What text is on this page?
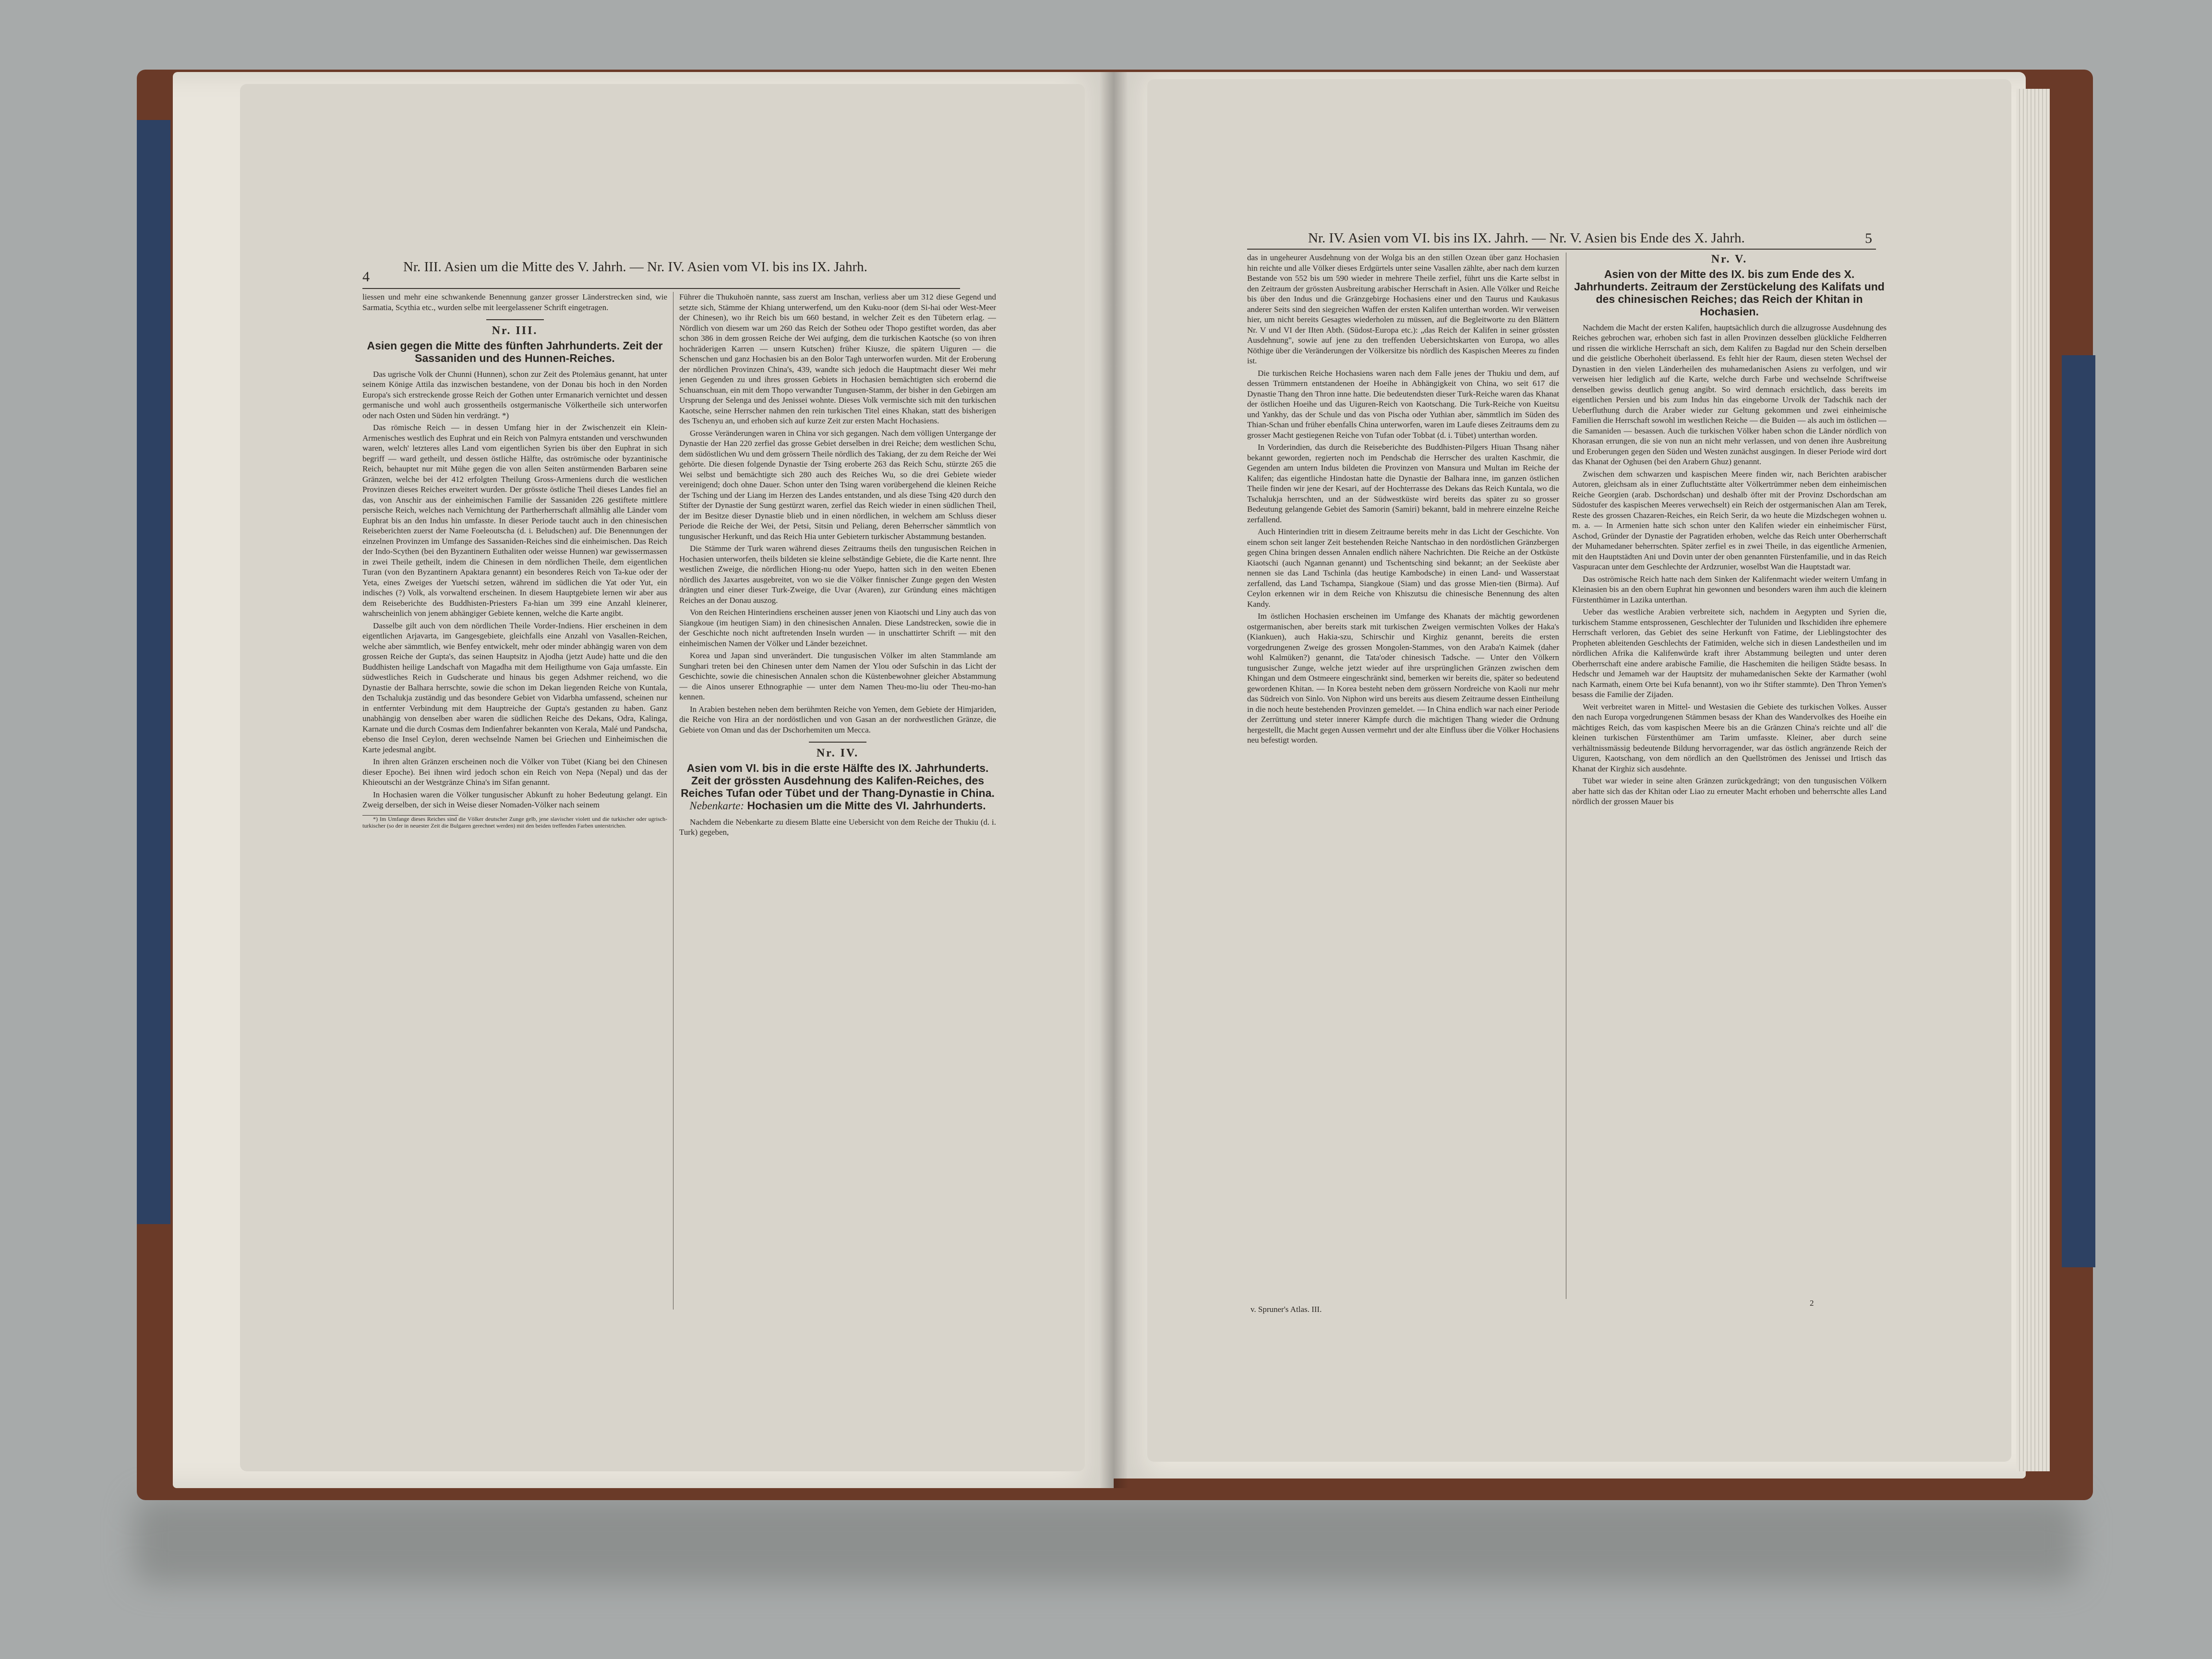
4
Nr. III. Asien um die Mitte des V. Jahrh. — Nr. IV. Asien vom VI. bis ins IX. Jahrh.

liessen und mehr eine schwankende Benennung ganzer grosser Länderstrecken sind, wie Sarmatia, Scythia etc., wurden selbe mit leergelassener Schrift eingetragen.

Nr. III.
Asien gegen die Mitte des fünften Jahrhunderts. Zeit der Sassaniden und des Hunnen-Reiches.

Das ugrische Volk der Chunni (Hunnen), schon zur Zeit des Ptolemäus genannt, hat unter seinem Könige Attila das inzwischen bestandene, von der Donau bis hoch in den Norden Europa's sich erstreckende grosse Reich der Gothen unter Ermanarich vernichtet und dessen germanische und wohl auch grossentheils ostgermanische Völkertheile sich unterworfen oder nach Osten und Süden hin verdrängt. *)

Das römische Reich — in dessen Umfang hier in der Zwischenzeit ein Klein-Armenisches westlich des Euphrat und ein Reich von Palmyra entstanden und verschwunden waren, welch' letzteres alles Land vom eigentlichen Syrien bis über den Euphrat in sich begriff — ward getheilt, und dessen östliche Hälfte, das oströmische oder byzantinische Reich, behauptet nur mit Mühe gegen die von allen Seiten anstürmenden Barbaren seine Gränzen, welche bei der 412 erfolgten Theilung Gross-Armeniens durch die westlichen Provinzen dieses Reiches erweitert wurden. Der grösste östliche Theil dieses Landes fiel an das, von Anschir aus der einheimischen Familie der Sassaniden 226 gestiftete mittlere persische Reich, welches nach Vernichtung der Partherherrschaft allmählig alle Länder vom Euphrat bis an den Indus hin umfasste. In dieser Periode taucht auch in den chinesischen Reiseberichten zuerst der Name Foeleoutscha (d. i. Beludschen) auf. Die Benennungen der einzelnen Provinzen im Umfange des Sassaniden-Reiches sind die einheimischen. Das Reich der Indo-Scythen (bei den Byzantinern Euthaliten oder weisse Hunnen) war gewissermassen in zwei Theile getheilt, indem die Chinesen in dem nördlichen Theile, dem eigentlichen Turan (von den Byzantinern Apaktara genannt) ein besonderes Reich von Ta-kue oder der Yeta, eines Zweiges der Yuetschi setzen, während im südlichen die Yat oder Yut, ein indisches (?) Volk, als vorwaltend erscheinen. In diesem Hauptgebiete lernen wir aber aus dem Reiseberichte des Buddhisten-Priesters Fa-hian um 399 eine Anzahl kleinerer, wahrscheinlich von jenem abhängiger Gebiete kennen, welche die Karte angibt.

Dasselbe gilt auch von dem nördlichen Theile Vorder-Indiens. Hier erscheinen in dem eigentlichen Arjavarta, im Gangesgebiete, gleichfalls eine Anzahl von Vasallen-Reichen, welche aber sämmtlich, wie Benfey entwickelt, mehr oder minder abhängig waren von dem grossen Reiche der Gupta's, das seinen Hauptsitz in Ajodha (jetzt Aude) hatte und die den Buddhisten heilige Landschaft von Magadha mit dem Heiligthume von Gaja umfasste. Ein südwestliches Reich in Gudscherate und hinaus bis gegen Adshmer reichend, wo die Dynastie der Balhara herrschte, sowie die schon im Dekan liegenden Reiche von Kuntala, den Tschalukja zuständig und das besondere Gebiet von Vidarbha umfassend, scheinen nur in entfernter Verbindung mit dem Hauptreiche der Gupta's gestanden zu haben. Ganz unabhängig von denselben aber waren die südlichen Reiche des Dekans, Odra, Kalinga, Karnate und die durch Cosmas dem Indienfahrer bekannten von Kerala, Malé und Pandscha, ebenso die Insel Ceylon, deren wechselnde Namen bei Griechen und Einheimischen die Karte jedesmal angibt.

In ihren alten Gränzen erscheinen noch die Völker von Tübet (Kiang bei den Chinesen dieser Epoche). Bei ihnen wird jedoch schon ein Reich von Nepa (Nepal) und das der Khieoutschi an der Westgränze China's im Sifan genannt.

In Hochasien waren die Völker tungusischer Abkunft zu hoher Bedeutung gelangt. Ein Zweig derselben, der sich in Weise dieser Nomaden-Völker nach seinem

*) Im Umfange dieses Reiches sind die Völker deutscher Zunge gelb, jene slavischer violett und die turkischer oder ugrisch-turkischer (so der in neuester Zeit die Bulgaren gerechnet werden) mit den beiden treffenden Farben unterstrichen.

Führer die Thukuhoën nannte, sass zuerst am Inschan, verliess aber um 312 diese Gegend und setzte sich, Stämme der Khiang unterwerfend, um den Kuku-noor (dem Si-hai oder West-Meer der Chinesen), wo ihr Reich bis um 660 bestand, in welcher Zeit es den Tübetern erlag. — Nördlich von diesem war um 260 das Reich der Sotheu oder Thopo gestiftet worden, das aber schon 386 in dem grossen Reiche der Wei aufging, dem die turkischen Kaotsche (so von ihren hochräderigen Karren — unsern Kutschen) früher Kiusze, die spätern Uiguren — die Schenschen und ganz Hochasien bis an den Bolor Tagh unterworfen wurden. Mit der Eroberung der nördlichen Provinzen China's, 439, wandte sich jedoch die Hauptmacht dieser Wei mehr jenen Gegenden zu und ihres grossen Gebiets in Hochasien bemächtigten sich erobernd die Schuanschuan, ein mit dem Thopo verwandter Tungusen-Stamm, der bisher in den Gebirgen am Ursprung der Selenga und des Jenissei wohnte. Dieses Volk vermischte sich mit den turkischen Kaotsche, seine Herrscher nahmen den rein turkischen Titel eines Khakan, statt des bisherigen des Tschenyu an, und erhoben sich auf kurze Zeit zur ersten Macht Hochasiens.

Grosse Veränderungen waren in China vor sich gegangen. Nach dem völligen Untergange der Dynastie der Han 220 zerfiel das grosse Gebiet derselben in drei Reiche; dem westlichen Schu, dem südöstlichen Wu und dem grössern Theile nördlich des Takiang, der zu dem Reiche der Wei gehörte. Die diesen folgende Dynastie der Tsing eroberte 263 das Reich Schu, stürzte 265 die Wei selbst und bemächtigte sich 280 auch des Reiches Wu, so die drei Gebiete wieder vereinigend; doch ohne Dauer. Schon unter den Tsing waren vorübergehend die kleinen Reiche der Tsching und der Liang im Herzen des Landes entstanden, und als diese Tsing 420 durch den Stifter der Dynastie der Sung gestürzt waren, zerfiel das Reich wieder in einen südlichen Theil, der im Besitze dieser Dynastie blieb und in einen nördlichen, in welchem am Schluss dieser Periode die Reiche der Wei, der Petsi, Sitsin und Peliang, deren Beherrscher sämmtlich von tungusischer Herkunft, und das Reich Hia unter Gebietern turkischer Abstammung bestanden.

Die Stämme der Turk waren während dieses Zeitraums theils den tungusischen Reichen in Hochasien unterworfen, theils bildeten sie kleine selbständige Gebiete, die die Karte nennt. Ihre westlichen Zweige, die nördlichen Hiong-nu oder Yuepo, hatten sich in den weiten Ebenen nördlich des Jaxartes ausgebreitet, von wo sie die Völker finnischer Zunge gegen den Westen drängten und einer dieser Turk-Zweige, die Uvar (Avaren), zur Gründung eines mächtigen Reiches an der Donau auszog.

Von den Reichen Hinterindiens erscheinen ausser jenen von Kiaotschi und Liny auch das von Siangkoue (im heutigen Siam) in den chinesischen Annalen. Diese Landstrecken, sowie die in der Geschichte noch nicht auftretenden Inseln wurden — in unschattirter Schrift — mit den einheimischen Namen der Völker und Länder bezeichnet.

Korea und Japan sind unverändert. Die tungusischen Völker im alten Stammlande am Sunghari treten bei den Chinesen unter dem Namen der Ylou oder Sufschin in das Licht der Geschichte, sowie die chinesischen Annalen schon die Küstenbewohner gleicher Abstammung — die Ainos unserer Ethnographie — unter dem Namen Theu-mo-liu oder Theu-mo-han kennen.

In Arabien bestehen neben dem berühmten Reiche von Yemen, dem Gebiete der Himjariden, die Reiche von Hira an der nordöstlichen und von Gasan an der nordwestlichen Gränze, die Gebiete von Oman und das der Dschorhemiten um Mecca.

Nr. IV.
Asien vom VI. bis in die erste Hälfte des IX. Jahrhunderts. Zeit der grössten Ausdehnung des Kalifen-Reiches, des Reiches Tufan oder Tübet und der Thang-Dynastie in China.
Nebenkarte: Hochasien um die Mitte des VI. Jahrhunderts.

Nachdem die Nebenkarte zu diesem Blatte eine Uebersicht von dem Reiche der Thukiu (d. i. Turk) gegeben,

Nr. IV. Asien vom VI. bis ins IX. Jahrh. — Nr. V. Asien bis Ende des X. Jahrh.	5

das in ungeheurer Ausdehnung von der Wolga bis an den stillen Ozean über ganz Hochasien hin reichte und alle Völker dieses Erdgürtels unter seine Vasallen zählte, aber nach dem kurzen Bestande von 552 bis um 590 wieder in mehrere Theile zerfiel, führt uns die Karte selbst in den Zeitraum der grössten Ausbreitung arabischer Herrschaft in Asien. Alle Völker und Reiche bis über den Indus und die Gränzgebirge Hochasiens einer und den Taurus und Kaukasus anderer Seits sind den siegreichen Waffen der ersten Kalifen unterthan worden. Wir verweisen hier, um nicht bereits Gesagtes wiederholen zu müssen, auf die Begleitworte zu den Blättern Nr. V und VI der IIten Abth. (Südost-Europa etc.): „das Reich der Kalifen in seiner grössten Ausdehnung", sowie auf jene zu den treffenden Uebersichtskarten von Europa, wo alles Nöthige über die Veränderungen der Völkersitze bis nördlich des Kaspischen Meeres zu finden ist.

Die turkischen Reiche Hochasiens waren nach dem Falle jenes der Thukiu und dem, auf dessen Trümmern entstandenen der Hoeihe in Abhängigkeit von China, wo seit 617 die Dynastie Thang den Thron inne hatte. Die bedeutendsten dieser Turk-Reiche waren das Khanat der östlichen Hoeihe und das Uiguren-Reich von Kaotschang. Die Turk-Reiche von Kueitsu und Yankhy, das der Schule und das von Pischa oder Yuthian aber, sämmtlich im Süden des Thian-Schan und früher ebenfalls China unterworfen, waren im Laufe dieses Zeitraums dem zu grosser Macht gestiegenen Reiche von Tufan oder Tobbat (d. i. Tübet) unterthan worden.

In Vorderindien, das durch die Reiseberichte des Buddhisten-Pilgers Hiuan Thsang näher bekannt geworden, regierten noch im Pendschab die Herrscher des uralten Kaschmir, die Gegenden am untern Indus bildeten die Provinzen von Mansura und Multan im Reiche der Kalifen; das eigentliche Hindostan hatte die Dynastie der Balhara inne, im ganzen östlichen Theile finden wir jene der Kesari, auf der Hochterrasse des Dekans das Reich Kuntala, wo die Tschalukja herrschten, und an der Südwestküste wird bereits das später zu so grosser Bedeutung gelangende Gebiet des Samorin (Samiri) bekannt, bald in mehrere einzelne Reiche zerfallend.

Auch Hinterindien tritt in diesem Zeitraume bereits mehr in das Licht der Geschichte. Von einem schon seit langer Zeit bestehenden Reiche Nantschao in den nordöstlichen Gränzbergen gegen China bringen dessen Annalen endlich nähere Nachrichten. Die Reiche an der Ostküste Kiaotschi (auch Ngannan genannt) und Tschentsching sind bekannt; an der Seeküste aber nennen sie das Land Tschinla (das heutige Kambodsche) in einen Land- und Wasserstaat zerfallend, das Land Tschampa, Siangkoue (Siam) und das grosse Mien-tien (Birma). Auf Ceylon erkennen wir in dem Reiche von Khiszutsu die chinesische Benennung des alten Kandy.

Im östlichen Hochasien erscheinen im Umfange des Khanats der mächtig gewordenen ostgermanischen, aber bereits stark mit turkischen Zweigen vermischten Volkes der Haka's (Kiankuen), auch Hakia-szu, Schirschir und Kirghiz genannt, bereits die ersten vorgedrungenen Zweige des grossen Mongolen-Stammes, von den Araba'n Kaimek (daher wohl Kalmüken?) genannt, die Tata'oder chinesisch Tadsche. — Unter den Völkern tungusischer Zunge, welche jetzt wieder auf ihre ursprünglichen Gränzen zwischen dem Khingan und dem Ostmeere eingeschränkt sind, bemerken wir bereits die, später so bedeutend gewordenen Khitan. — In Korea besteht neben dem grössern Nordreiche von Kaoli nur mehr das Südreich von Sinlo. Von Niphon wird uns bereits aus diesem Zeitraume dessen Eintheilung in die noch heute bestehenden Provinzen gemeldet. — In China endlich war nach einer Periode der Zerrüttung und steter innerer Kämpfe durch die mächtigen Thang wieder die Ordnung hergestellt, die Macht gegen Aussen vermehrt und der alte Einfluss über die Völker Hochasiens neu befestigt worden.

Nr. V.
Asien von der Mitte des IX. bis zum Ende des X. Jahrhunderts. Zeitraum der Zerstückelung des Kalifats und des chinesischen Reiches; das Reich der Khitan in Hochasien.

Nachdem die Macht der ersten Kalifen, hauptsächlich durch die allzugrosse Ausdehnung des Reiches gebrochen war, erhoben sich fast in allen Provinzen desselben glückliche Feldherren und rissen die wirkliche Herrschaft an sich, dem Kalifen zu Bagdad nur den Schein derselben und die geistliche Oberhoheit überlassend. Es fehlt hier der Raum, diesen steten Wechsel der Dynastien in den vielen Länderheilen des muhamedanischen Asiens zu verfolgen, und wir verweisen hier lediglich auf die Karte, welche durch Farbe und wechselnde Schriftweise denselben gewiss deutlich genug angibt. So wird demnach ersichtlich, dass bereits im eigentlichen Persien und bis zum Indus hin das eingeborne Urvolk der Tadschik nach der Ueberfluthung durch die Araber wieder zur Geltung gekommen und zwei einheimische Familien die Herrschaft sowohl im westlichen Reiche — die Buiden — als auch im östlichen — die Samaniden — besassen. Auch die turkischen Völker haben schon die Länder nördlich von Khorasan errungen, die sie von nun an nicht mehr verlassen, und von denen ihre Ausbreitung und Eroberungen gegen den Süden und Westen zunächst ausgingen. In dieser Periode wird dort das Khanat der Oghusen (bei den Arabern Ghuz) genannt.

Zwischen dem schwarzen und kaspischen Meere finden wir, nach Berichten arabischer Autoren, gleichsam als in einer Zufluchtstätte alter Völkertrümmer neben dem einheimischen Reiche Georgien (arab. Dschordschan) und deshalb öfter mit der Provinz Dschordschan am Südostufer des kaspischen Meeres verwechselt) ein Reich der ostgermanischen Alan am Terek, Reste des grossen Chazaren-Reiches, ein Reich Serir, da wo heute die Mizdschegen wohnen u. m. a. — In Armenien hatte sich schon unter den Kalifen wieder ein einheimischer Fürst, Aschod, Gründer der Dynastie der Pagratiden erhoben, welche das Reich unter Oberherrschaft der Muhamedaner beherrschten. Später zerfiel es in zwei Theile, in das eigentliche Armenien, mit den Hauptstädten Ani und Dovin unter der oben genannten Fürstenfamilie, und in das Reich Vaspuracan unter dem Geschlechte der Ardzrunier, woselbst Wan die Hauptstadt war.

Das oströmische Reich hatte nach dem Sinken der Kalifenmacht wieder weitern Umfang in Kleinasien bis an den obern Euphrat hin gewonnen und besonders waren ihm auch die kleinern Fürstenthümer in Lazika unterthan.

Ueber das westliche Arabien verbreitete sich, nachdem in Aegypten und Syrien die, turkischem Stamme entsprossenen, Geschlechter der Tuluniden und Ikschididen ihre ephemere Herrschaft verloren, das Gebiet des seine Herkunft von Fatime, der Lieblingstochter des Propheten ableitenden Geschlechts der Fatimiden, welche sich in diesen Landestheilen und im nördlichen Afrika die Kalifenwürde kraft ihrer Abstammung beilegten und unter deren Oberherrschaft eine andere arabische Familie, die Haschemiten die heiligen Städte besass. In Hedschr und Jemameh war der Hauptsitz der muhamedanischen Sekte der Karmather (wohl nach Karmath, einem Orte bei Kufa benannt), von wo ihr Stifter stammte). Den Thron Yemen's besass die Familie der Zijaden.

Weit verbreitet waren in Mittel- und Westasien die Gebiete des turkischen Volkes. Ausser den nach Europa vorgedrungenen Stämmen besass der Khan des Wandervolkes des Hoeihe ein mächtiges Reich, das vom kaspischen Meere bis an die Gränzen China's reichte und all' die kleinen turkischen Fürstenthümer am Tarim umfasste. Kleiner, aber durch seine verhältnissmässig bedeutende Bildung hervorragender, war das östlich angränzende Reich der Uiguren, Kaotschang, von dem nördlich an den Quellströmen des Jenissei und Irtisch das Khanat der Kirghiz sich ausdehnte.

Tübet war wieder in seine alten Gränzen zurückgedrängt; von den tungusischen Völkern aber hatte sich das der Khitan oder Liao zu erneuter Macht erhoben und beherrschte alles Land nördlich der grossen Mauer bis

v. Spruner's Atlas. III.
2
